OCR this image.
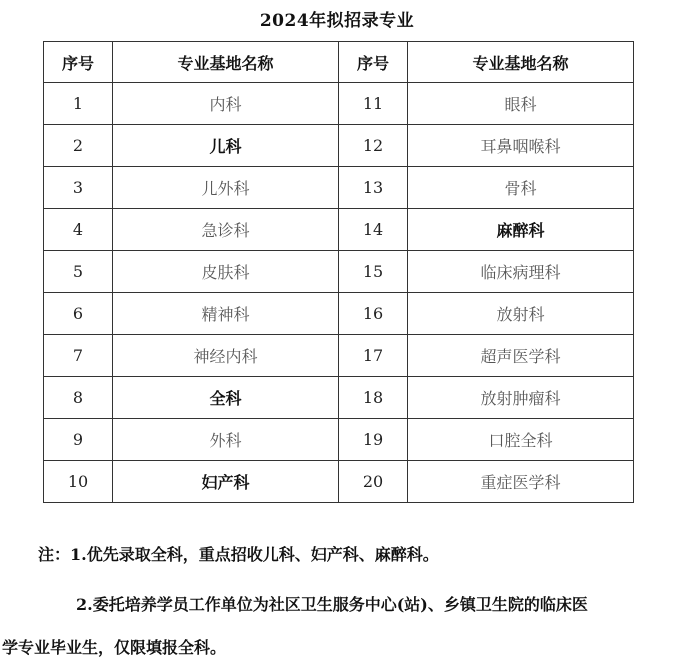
2024年拟招录专业
序号	专业基地名称	序号	专业基地名称
1	内科	11	眼科
2	儿科	12	耳鼻咽喉科
3	儿外科	13	骨科
4	急诊科	14	麻醉科
5	皮肤科	15	临床病理科
6	精神科	16	放射科
7	神经内科	17	超声医学科
8	全科	18	放射肿瘤科
9	外科	19	口腔全科
10	妇产科	20	重症医学科
注：1.优先录取全科，重点招收儿科、妇产科、麻醉科。
2.委托培养学员工作单位为社区卫生服务中心(站)、乡镇卫生院的临床医
学专业毕业生，仅限填报全科。
